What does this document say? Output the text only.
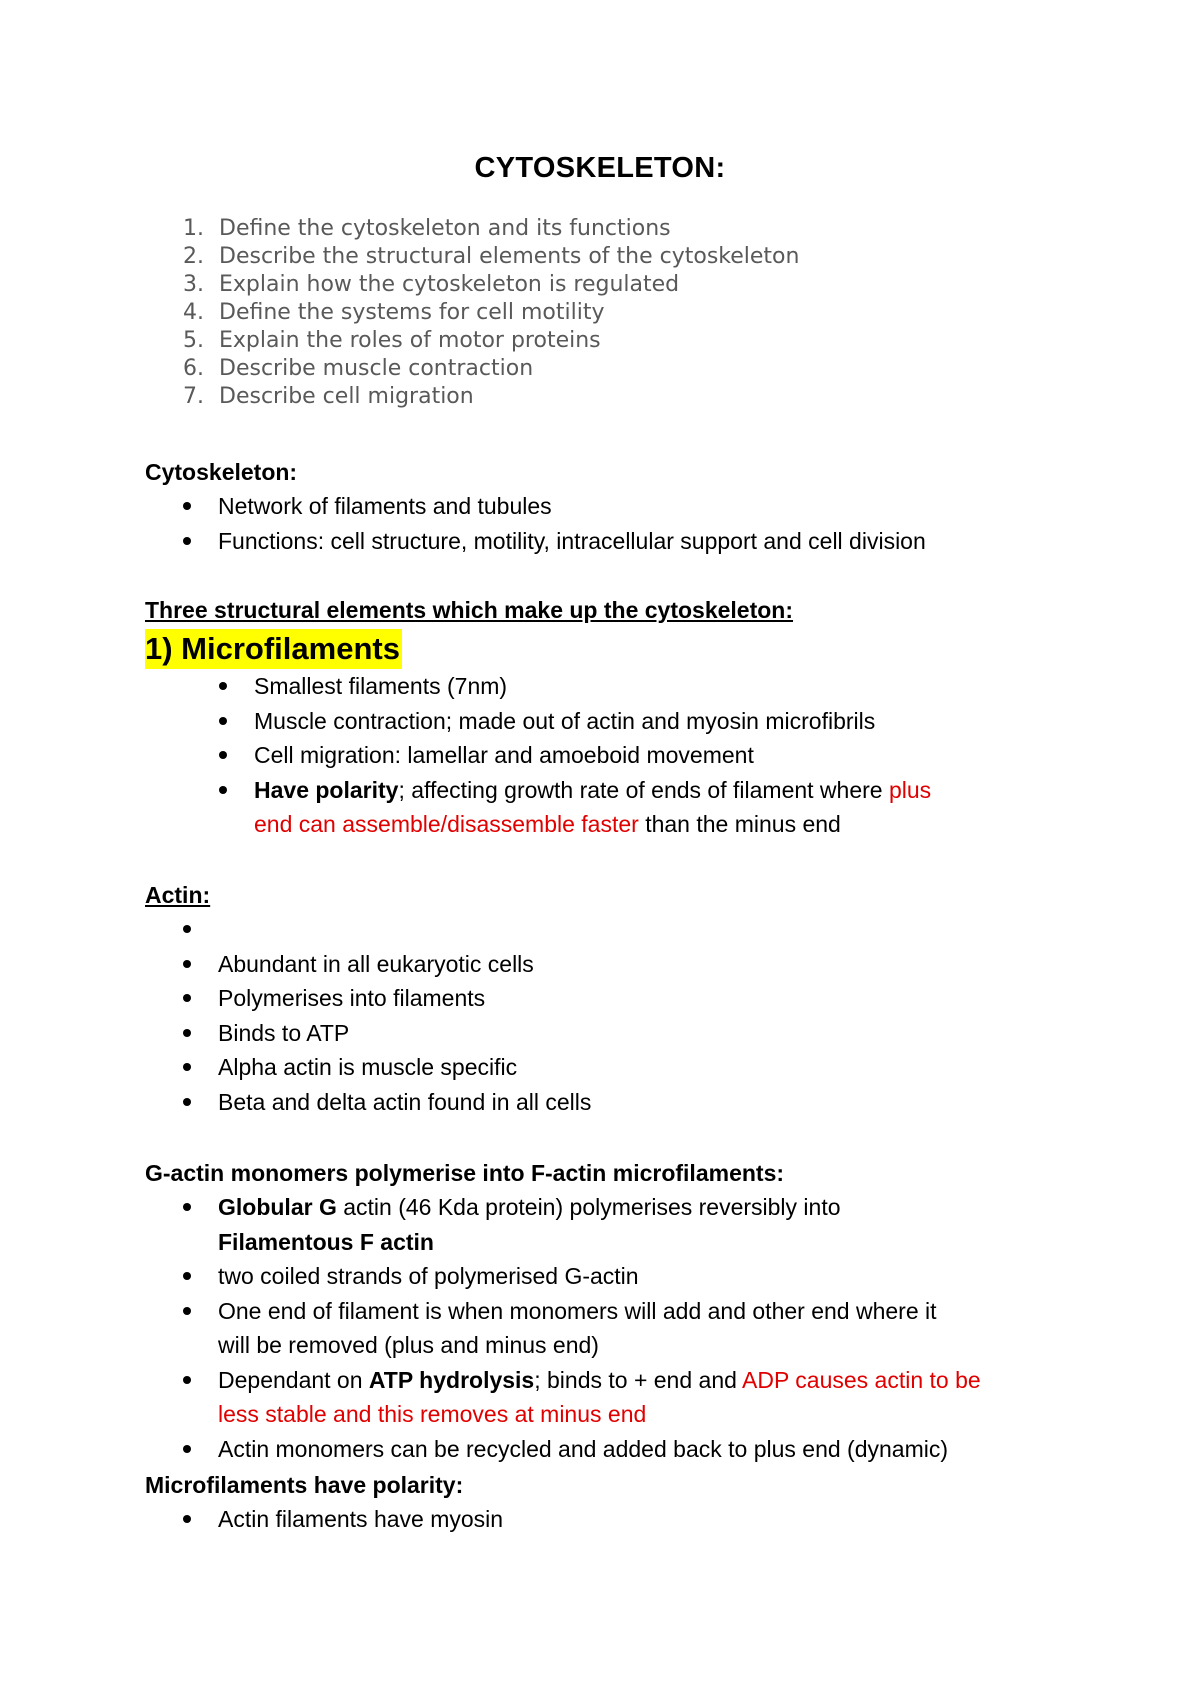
CYTOSKELETON:
1. Define the cytoskeleton and its functions
2. Describe the structural elements of the cytoskeleton
3. Explain how the cytoskeleton is regulated
4. Define the systems for cell motility
5. Explain the roles of motor proteins
6. Describe muscle contraction
7. Describe cell migration
Cytoskeleton:
Network of filaments and tubules
Functions: cell structure, motility, intracellular support and cell division
Three structural elements which make up the cytoskeleton:
1) Microfilaments
Smallest filaments (7nm)
Muscle contraction; made out of actin and myosin microfibrils
Cell migration: lamellar and amoeboid movement
Have polarity; affecting growth rate of ends of filament where plus
end can assemble/disassemble faster than the minus end
Actin:
Abundant in all eukaryotic cells
Polymerises into filaments
Binds to ATP
Alpha actin is muscle specific
Beta and delta actin found in all cells
G-actin monomers polymerise into F-actin microfilaments:
Globular G actin (46 Kda protein) polymerises reversibly into
Filamentous F actin
two coiled strands of polymerised G-actin
One end of filament is when monomers will add and other end where it
will be removed (plus and minus end)
Dependant on ATP hydrolysis; binds to + end and ADP causes actin to be
less stable and this removes at minus end
Actin monomers can be recycled and added back to plus end (dynamic)
Microfilaments have polarity:
Actin filaments have myosin
